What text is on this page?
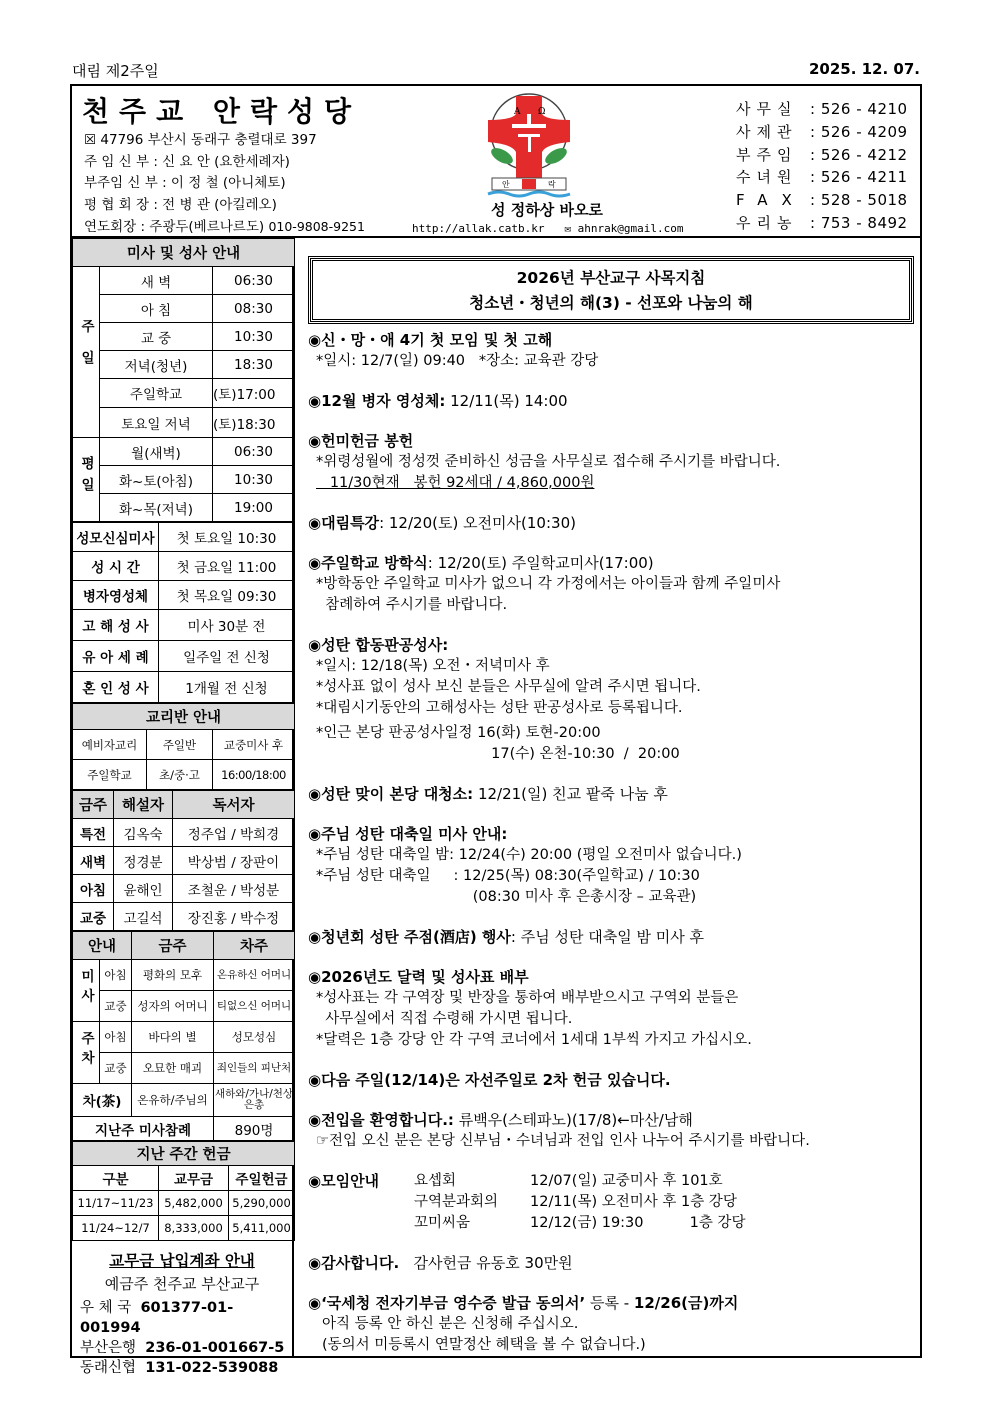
대림 제2주일	2025. 12. 07.
천주교 안락성당
☒ 47796 부산시 동래구 충렬대로 397
주 임 신 부 : 신 요 안 (요한세례자)
부주임 신 부 : 이 정 철 (아니체토)
평 협 회 장 : 전 병 관 (아킬레오)
연도회장 : 주광두(베르나르도) 010-9808-9251
A Ω
안	락
성 정하상 바오로
http://allak.catb.kr ✉ ahnrak@gmail.com
사무실 : 526 - 4210
사제관 : 526 - 4209
부주임 : 526 - 4212
수녀원 : 526 - 4211
FAX : 528 - 5018
우리농 : 753 - 8492
미사 및 성사 안내		
주일	새 벽	06:30
	아 침	08:30
	교 중	10:30
	저녁(청년)	18:30
	주일학교	(토)17:00
	토요일 저녁	(토)18:30
평일	월(새벽)	06:30
	화~토(아침)	10:30
	화~목(저녁)	19:00
성모신심미사	첫 토요일 10:30
성 시 간	첫 금요일 11:00
병자영성체	첫 목요일 09:30
고 해 성 사	미사 30분 전
유 아 세 례	일주일 전 신청
혼 인 성 사	1개월 전 신청
교리반 안내		
예비자교리	주일반	교중미사 후
주일학교	초/중·고	16:00/18:00
금주	해설자	독서자
특전	김옥숙	정주업 / 박희경
새벽	정경분	박상범 / 장판이
아침	윤해인	조철운 / 박성분
교중	고길석	장진홍 / 박수정
안내		금주	차주
미사	아침	평화의 모후	온유하신 어머니
	교중	성자의 어머니	티없으신 어머니
주차	아침	바다의 별	성모성심
	교중	오묘한 매괴	죄인들의 피난처
차(茶)		온유하/주님의	새하와/가나/천상은총
지난주 미사참례			890명
지난 주간 헌금		
구분	교무금	주일헌금
11/17~11/23	5,482,000	5,290,000
11/24~12/7	8,333,000	5,411,000
교무금 납입계좌 안내
예금주 천주교 부산교구
우 체 국 601377-01-001994
부산은행 236-01-001667-5
동래신협 131-022-539088
2026년 부산교구 사목지침
청소년・청년의 해(3) - 선포와 나눔의 해
◉신・망・애 4기 첫 모임 및 첫 고해
*일시: 12/7(일) 09:40   *장소: 교육관 강당
◉12월 병자 영성체: 12/11(목) 14:00
◉헌미헌금 봉헌
*위령성월에 정성껏 준비하신 성금을 사무실로 접수해 주시기를 바랍니다.
11/30현재   봉헌 92세대 / 4,860,000원
◉대림특강: 12/20(토) 오전미사(10:30)
◉주일학교 방학식: 12/20(토) 주일학교미사(17:00)
*방학동안 주일학교 미사가 없으니 각 가정에서는 아이들과 함께 주일미사
참례하여 주시기를 바랍니다.
◉성탄 합동판공성사:
*일시: 12/18(목) 오전・저녁미사 후
*성사표 없이 성사 보신 분들은 사무실에 알려 주시면 됩니다.
*대림시기동안의 고해성사는 성탄 판공성사로 등록됩니다.
*인근 본당 판공성사일정 16(화) 토현-20:00
17(수) 온천-10:30  /  20:00
◉성탄 맞이 본당 대청소: 12/21(일) 친교 팥죽 나눔 후
◉주님 성탄 대축일 미사 안내:
*주님 성탄 대축일 밤: 12/24(수) 20:00 (평일 오전미사 없습니다.)
*주님 성탄 대축일     : 12/25(목) 08:30(주일학교) / 10:30
(08:30 미사 후 은총시장 – 교육관)
◉청년회 성탄 주점(酒店) 행사: 주님 성탄 대축일 밤 미사 후
◉2026년도 달력 및 성사표 배부
*성사표는 각 구역장 및 반장을 통하여 배부받으시고 구역외 분들은
사무실에서 직접 수령해 가시면 됩니다.
*달력은 1층 강당 안 각 구역 코너에서 1세대 1부씩 가지고 가십시오.
◉다음 주일(12/14)은 자선주일로 2차 헌금 있습니다.
◉전입을 환영합니다.: 류백우(스테파노)(17/8)←마산/남해
☞전입 오신 분은 본당 신부님・수녀님과 전입 인사 나누어 주시기를 바랍니다.
◉모임안내	요셉회	12/07(일) 교중미사 후 101호
구역분과회의	12/11(목) 오전미사 후 1층 강당
꼬미씨움	12/12(금) 19:30          1층 강당
◉감사합니다.   감사헌금 유동호 30만원
◉‘국세청 전자기부금 영수증 발급 동의서’ 등록 - 12/26(금)까지
아직 등록 안 하신 분은 신청해 주십시오.
(동의서 미등록시 연말정산 혜택을 볼 수 없습니다.)
